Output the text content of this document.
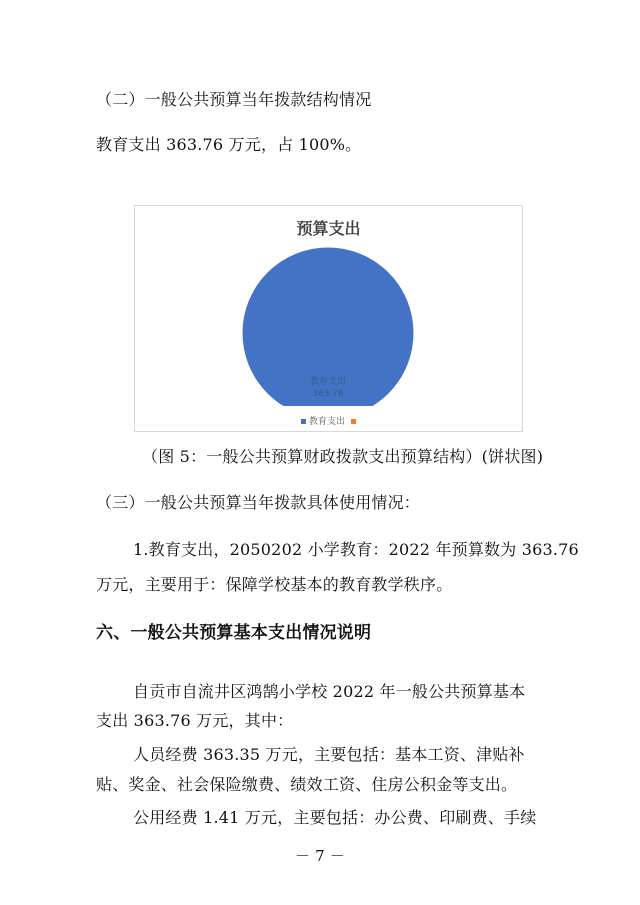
（二）一般公共预算当年拨款结构情况
教育支出 363.76 万元，占 100%。
预算支出
教育支出
363.76
教育支出
（图 5：一般公共预算财政拨款支出预算结构）(饼状图)
（三）一般公共预算当年拨款具体使用情况：
1.教育支出，2050202 小学教育：2022 年预算数为 363.76
万元，主要用于：保障学校基本的教育教学秩序。
六、一般公共预算基本支出情况说明
自贡市自流井区鸿鹄小学校 2022 年一般公共预算基本
支出 363.76 万元，其中：
人员经费 363.35 万元，主要包括：基本工资、津贴补
贴、奖金、社会保险缴费、绩效工资、住房公积金等支出。
公用经费 1.41 万元，主要包括：办公费、印刷费、手续
－ 7 －
